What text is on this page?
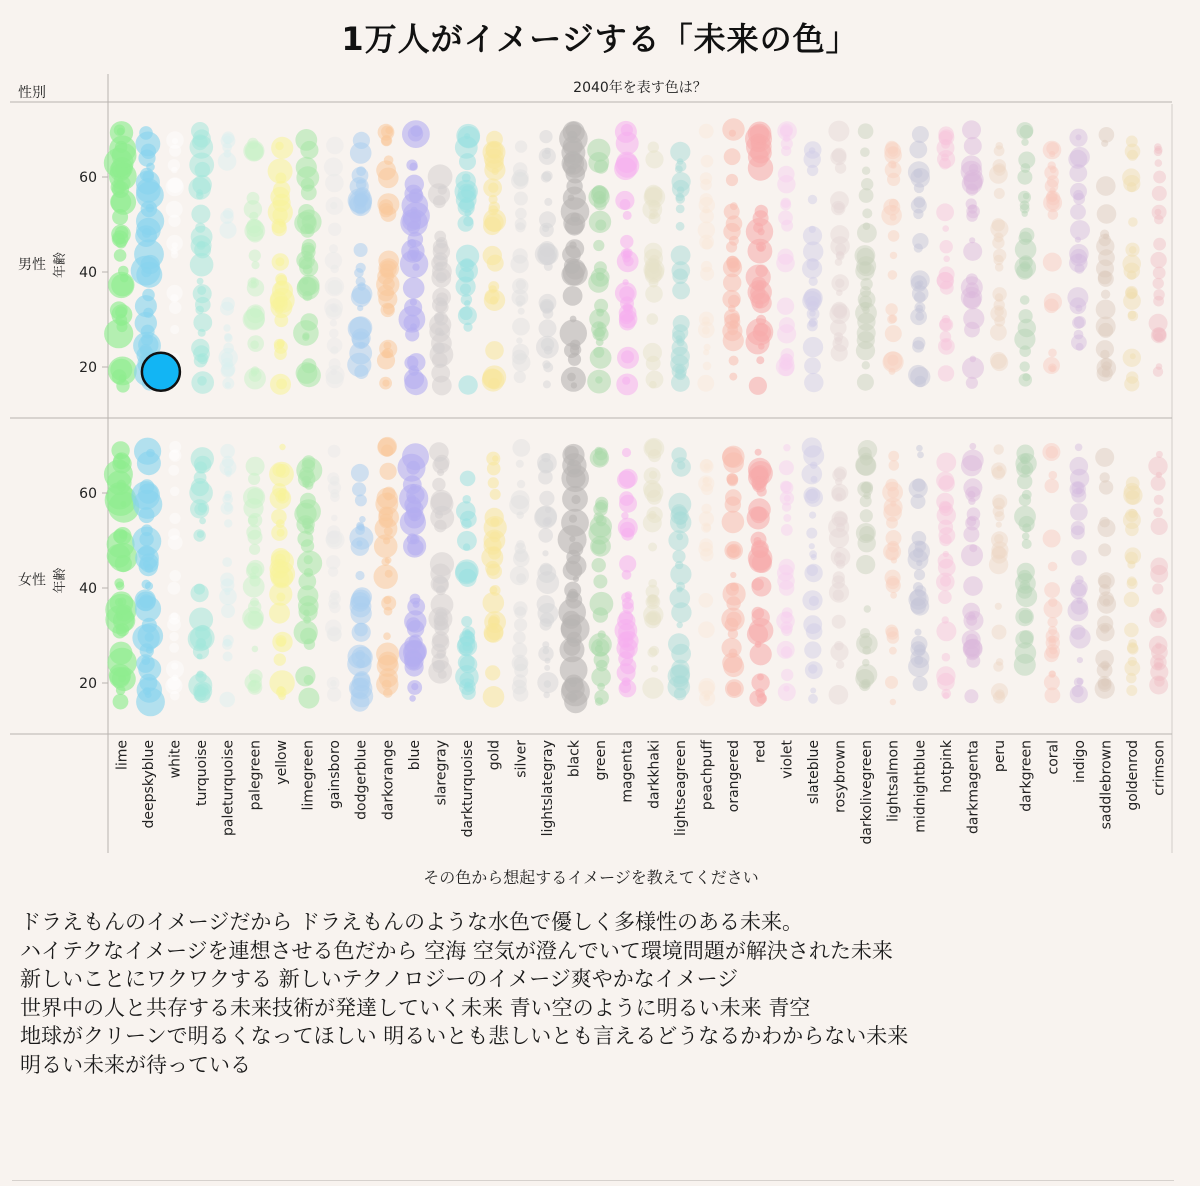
1万人がイメージする「未来の色」
男性 年齢
20
40
60
女性 年齢
20
40
60
lime deepskyblue white turquoise paleturquoise palegreen yellow limegreen gainsboro dodgerblue darkorange blue slaregray darkturquoise gold silver lightslategray black green magenta darkkhaki lightseagreen peachpuff orangered red violet slateblue rosybrown darkolivegreen lightsalmon midnightblue hotpink darkmagenta peru darkgreen coral indigo saddlebrown goldenrod crimson
2040年を表す色は？
性別
その色から想起するイメージを教えてください
ドラえもんのイメージだから ドラえもんのような水色で優しく多様性のある未来。
ハイテクなイメージを連想させる色だから 空海 空気が澄んでいて環境問題が解決された未来
新しいことにワクワクする 新しいテクノロジーのイメージ爽やかなイメージ
世界中の人と共存する未来技術が発達していく未来 青い空のように明るい未来 青空
地球がクリーンで明るくなってほしい 明るいとも悲しいとも言えるどうなるかわからない未来
明るい未来が待っている
